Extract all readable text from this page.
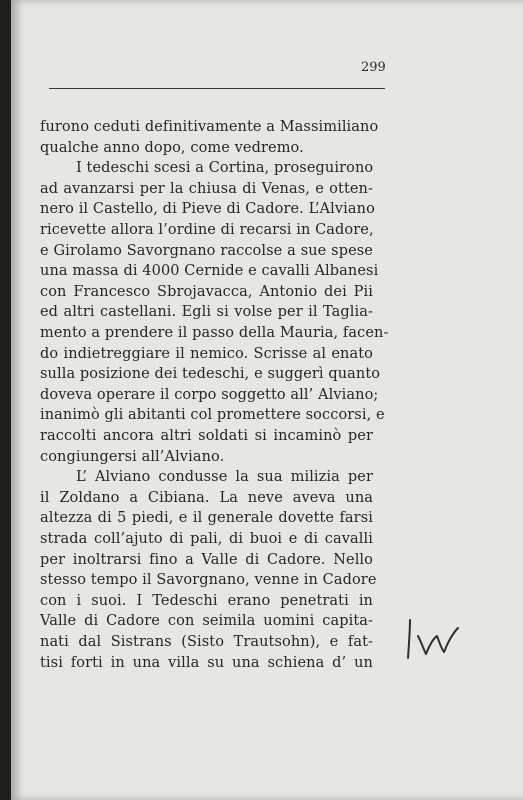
299
furono ceduti definitivamente a Massimiliano
qualche anno dopo, come vedremo.
I tedeschi scesi a Cortina, proseguirono
ad avanzarsi per la chiusa di Venas, e otten-
nero il Castello, di Pieve di Cadore. L’Alviano
ricevette allora l’ordine di recarsi in Cadore,
e Girolamo Savorgnano raccolse a sue spese
una massa di 4000 Cernide e cavalli Albanesi
con Francesco Sbrojavacca, Antonio dei Pii
ed altri castellani. Egli si volse per il Taglia-
mento a prendere il passo della Mauria, facen-
do indietreggiare il nemico. Scrisse al enato
sulla posizione dei tedeschi, e suggerì quanto
doveva operare il corpo soggetto all’ Alviano;
inanimò gli abitanti col promettere soccorsi, e
raccolti ancora altri soldati si incaminò per
congiungersi all’Alviano.
L’ Alviano condusse la sua milizia per
il Zoldano a Cibiana. La neve aveva una
altezza di 5 piedi, e il generale dovette farsi
strada coll’ajuto di pali, di buoi e di cavalli
per inoltrarsi fino a Valle di Cadore. Nello
stesso tempo il Savorgnano, venne in Cadore
con i suoi. I Tedeschi erano penetrati in
Valle di Cadore con seimila uomini capita-
nati dal Sistrans (Sisto Trautsohn), e fat-
tisi forti in una villa su una schiena d’ un
